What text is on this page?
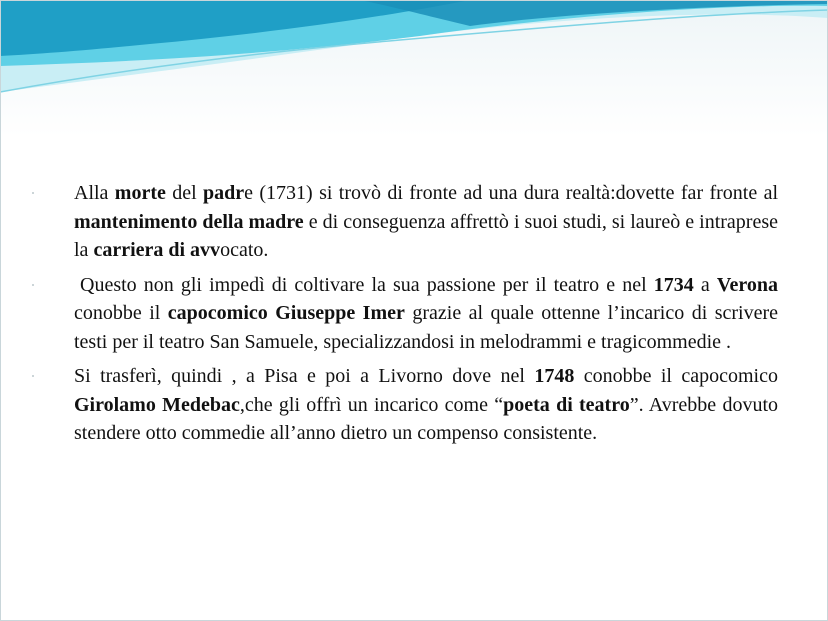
Alla morte del padre (1731) si trovò di fronte ad una dura realtà:dovette far fronte al mantenimento della madre e di conseguenza affrettò i suoi studi, si laureò e intraprese la carriera di avvocato.

Questo non gli impedì di coltivare la sua passione per il teatro e nel 1734 a Verona conobbe il capocomico Giuseppe Imer grazie al quale ottenne l’incarico di scrivere testi per il teatro San Samuele, specializzandosi in melodrammi e tragicommedie .

Si trasferì, quindi , a Pisa e poi a Livorno dove nel 1748 conobbe il capocomico Girolamo Medebac,che gli offrì un incarico come “poeta di teatro”. Avrebbe dovuto stendere otto commedie all’anno dietro un compenso consistente.
